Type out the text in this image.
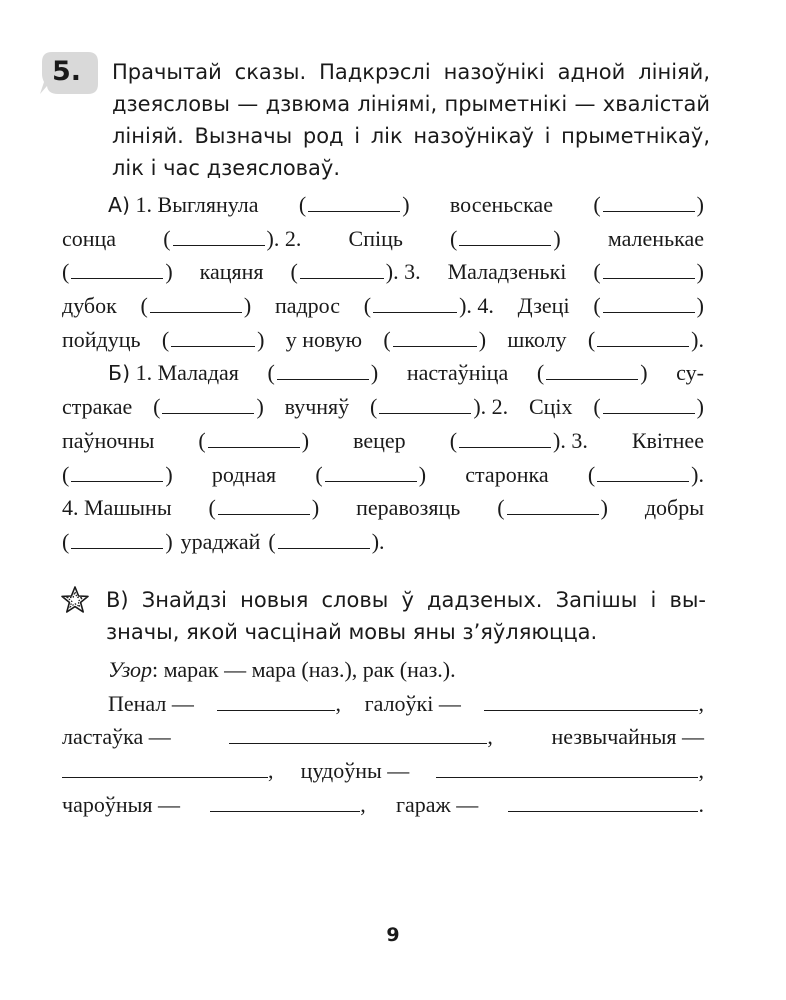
5. Прачытай сказы. Падкрэслі назоўнікі адной лініяй,
дзеясловы — дзвюма лініямі, прыметнікі — хвалістай
лініяй. Вызначы род і лік назоўнікаў і прыметнікаў,
лік і час дзеясловаў.
А) 1. Выглянула (	) восеньскае (	)
сонца (	). 2. Спіць (	) маленькае
(	) кацяня (	). 3. Маладзенькі (	)
дубок (	) падрос (	). 4. Дзеці (	)
пойдуць (	) у новую (	) школу (	).
Б) 1. Маладая (	) настаўніца (	) су-
стракае (	) вучняў (	). 2. Сціх (	)
паўночны (	) вецер (	). 3. Квітнее
(	) родная (	) старонка (	).
4. Машыны (	) перавозяць (	) добры
(	) ураджай (	).
В) Знайдзі новыя словы ў дадзеных. Запішы і вы-
значы, якой часцінай мовы яны з’яўляюцца.
Узор: марак — мара (наз.), рак (наз.).
Пенал —	, галоўкі —	,
ластаўка —	,	незвычайныя —
, цудоўны —	,
чароўныя —	, гараж —	.
9
